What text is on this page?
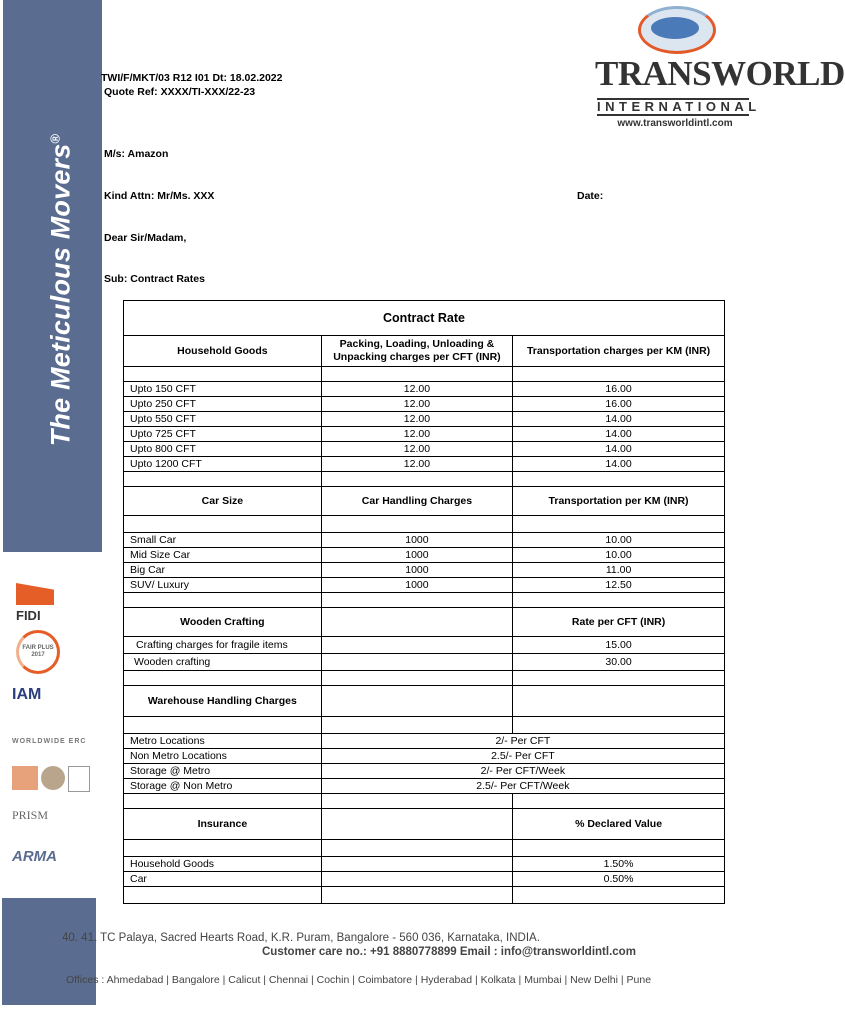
The Meticulous Movers®
FIDI
FAIR PLUS 2017
IAM
WORLDWIDE ERC
PRISM
ARMA
TRANSWORLD
INTERNATIONAL
www.transworldintl.com
TWI/F/MKT/03 R12 I01 Dt: 18.02.2022
Quote Ref: XXXX/TI-XXX/22-23
M/s: Amazon
Kind Attn: Mr/Ms. XXX	Date:
Dear Sir/Madam,
Sub: Contract Rates
Contract Rate		
Household Goods	Packing, Loading, Unloading & Unpacking charges per CFT (INR)	Transportation charges per KM (INR)

Upto 150 CFT	12.00	16.00
Upto 250 CFT	12.00	16.00
Upto 550 CFT	12.00	14.00
Upto 725 CFT	12.00	14.00
Upto 800 CFT	12.00	14.00
Upto 1200 CFT	12.00	14.00

Car Size	Car Handling Charges	Transportation per KM (INR)

Small Car	1000	10.00
Mid Size Car	1000	10.00
Big Car	1000	11.00
SUV/ Luxury	1000	12.50

Wooden Crafting		Rate per CFT (INR)
Crafting charges for fragile items		15.00
Wooden crafting		30.00

Warehouse Handling Charges		

Metro Locations	2/- Per CFT	
Non Metro Locations	2.5/- Per CFT	
Storage @ Metro	2/- Per CFT/Week	
Storage @ Non Metro	2.5/- Per CFT/Week	

Insurance		% Declared Value

Household Goods		1.50%
Car		0.50%

40. 41. TC Palaya, Sacred Hearts Road, K.R. Puram, Bangalore - 560 036, Karnataka, INDIA.
Customer care no.: +91 8880778899 Email : info@transworldintl.com
Offices : Ahmedabad | Bangalore | Calicut | Chennai | Cochin | Coimbatore | Hyderabad | Kolkata | Mumbai | New Delhi | Pune
